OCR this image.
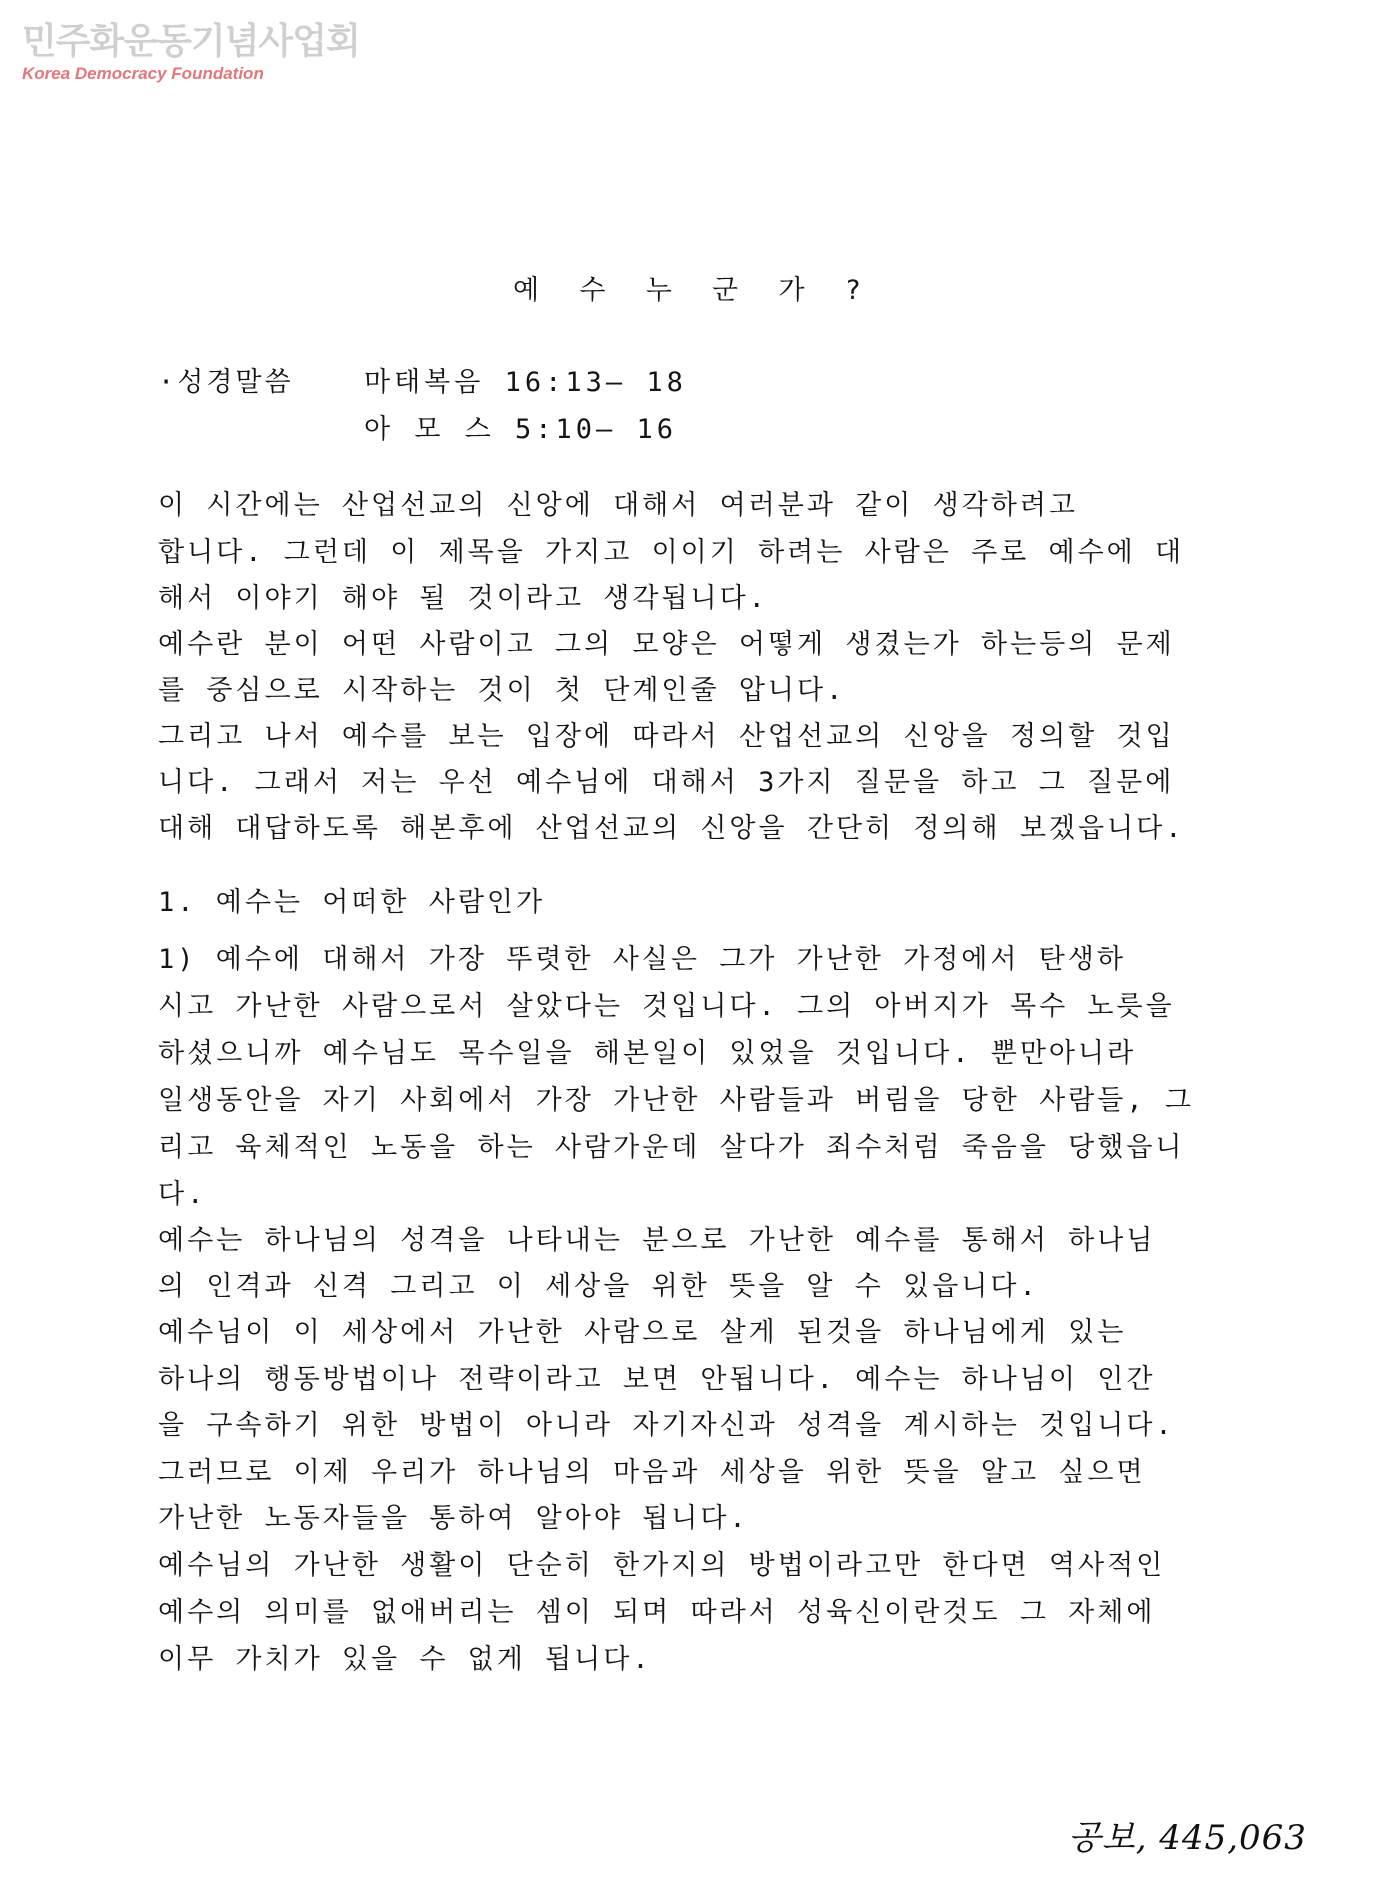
민주화운동기념사업회
Korea Democracy Foundation
예 수 누 군 가 ?
·성경말씀	마태복음 16:13— 18
아 모 스 5:10— 16
이 시간에는 산업선교의 신앙에 대해서 여러분과 같이 생각하려고
합니다. 그런데 이 제목을 가지고 이이기 하려는 사람은 주로 예수에 대
해서 이야기 해야 될 것이라고 생각됩니다.
예수란 분이 어떤 사람이고 그의 모양은 어떻게 생겼는가 하는등의 문제
를 중심으로 시작하는 것이 첫 단계인줄 압니다.
그리고 나서 예수를 보는 입장에 따라서 산업선교의 신앙을 정의할 것입
니다. 그래서 저는 우선 예수님에 대해서 3가지 질문을 하고 그 질문에
대해 대답하도록 해본후에 산업선교의 신앙을 간단히 정의해 보겠읍니다.
1. 예수는 어떠한 사람인가
1) 예수에 대해서 가장 뚜렷한 사실은 그가 가난한 가정에서 탄생하
시고 가난한 사람으로서 살았다는 것입니다. 그의 아버지가 목수 노릇을
하셨으니까 예수님도 목수일을 해본일이 있었을 것입니다. 뿐만아니라
일생동안을 자기 사회에서 가장 가난한 사람들과 버림을 당한 사람들, 그
리고 육체적인 노동을 하는 사람가운데 살다가 죄수처럼 죽음을 당했읍니
다.
예수는 하나님의 성격을 나타내는 분으로 가난한 예수를 통해서 하나님
의 인격과 신격 그리고 이 세상을 위한 뜻을 알 수 있읍니다.
예수님이 이 세상에서 가난한 사람으로 살게 된것을 하나님에게 있는
하나의 행동방법이나 전략이라고 보면 안됩니다. 예수는 하나님이 인간
을 구속하기 위한 방법이 아니라 자기자신과 성격을 계시하는 것입니다.
그러므로 이제 우리가 하나님의 마음과 세상을 위한 뜻을 알고 싶으면
가난한 노동자들을 통하여 알아야 됩니다.
예수님의 가난한 생활이 단순히 한가지의 방법이라고만 한다면 역사적인
예수의 의미를 없애버리는 셈이 되며 따라서 성육신이란것도 그 자체에
이무 가치가 있을 수 없게 됩니다.
공보, 445,063
